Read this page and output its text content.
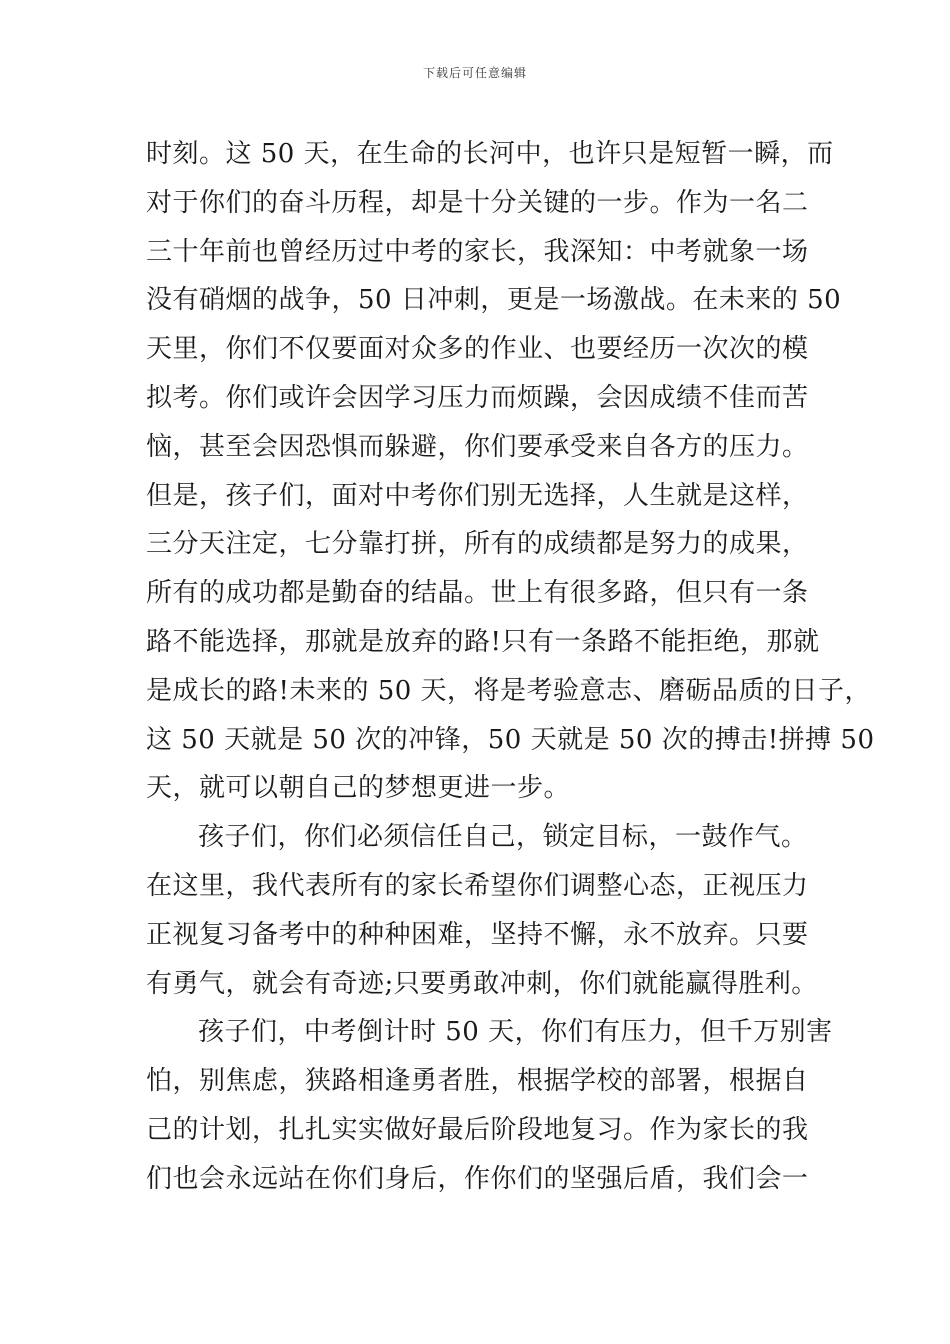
下载后可任意编辑
时刻。这 50 天，在生命的长河中，也许只是短暂一瞬，而
对于你们的奋斗历程，却是十分关键的一步。作为一名二
三十年前也曾经历过中考的家长，我深知：中考就象一场
没有硝烟的战争，50 日冲刺，更是一场激战。在未来的 50
天里，你们不仅要面对众多的作业、也要经历一次次的模
拟考。你们或许会因学习压力而烦躁，会因成绩不佳而苦
恼，甚至会因恐惧而躲避，你们要承受来自各方的压力。
但是，孩子们，面对中考你们别无选择，人生就是这样，
三分天注定，七分靠打拼，所有的成绩都是努力的成果，
所有的成功都是勤奋的结晶。世上有很多路，但只有一条
路不能选择，那就是放弃的路!只有一条路不能拒绝，那就
是成长的路!未来的 50 天，将是考验意志、磨砺品质的日子，
这 50 天就是 50 次的冲锋，50 天就是 50 次的搏击!拼搏 50
天，就可以朝自己的梦想更进一步。
孩子们，你们必须信任自己，锁定目标，一鼓作气。
在这里，我代表所有的家长希望你们调整心态，正视压力
正视复习备考中的种种困难，坚持不懈，永不放弃。只要
有勇气，就会有奇迹;只要勇敢冲刺，你们就能赢得胜利。
孩子们，中考倒计时 50 天，你们有压力，但千万别害
怕，别焦虑，狭路相逢勇者胜，根据学校的部署，根据自
己的计划，扎扎实实做好最后阶段地复习。作为家长的我
们也会永远站在你们身后，作你们的坚强后盾，我们会一
